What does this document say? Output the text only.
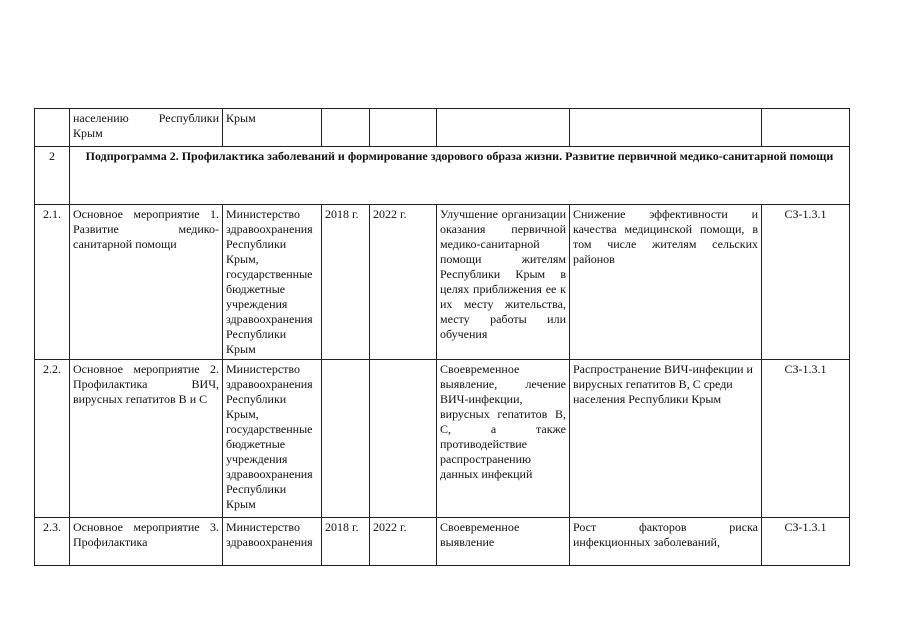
	населению Республики Крым	Крым					
2	Подпрограмма 2. Профилактика заболеваний и формирование здорового образа жизни. Развитие первичной медико-санитарной помощи						
2.1.	Основное мероприятие 1. Развитие медико-санитарной помощи	Министерство здравоохранения Республики Крым, государственные бюджетные учреждения здравоохранения Республики Крым	2018 г.	2022 г.	Улучшение организации оказания первичной медико-санитарной помощи жителям Республики Крым в целях приближения ее к их месту жительства, месту работы или обучения	Снижение эффективности и качества медицинской помощи, в том числе жителям сельских районов	СЗ-1.3.1
2.2.	Основное мероприятие 2. Профилактика ВИЧ, вирусных гепатитов В и С	Министерство здравоохранения Республики Крым, государственные бюджетные учреждения здравоохранения Республики Крым			Своевременное выявление, лечение ВИЧ-инфекции, вирусных гепатитов В, С, а также противодействие распространению данных инфекций	Распространение ВИЧ-инфекции и вирусных гепатитов В, С среди населения Республики Крым	СЗ-1.3.1
2.3.	Основное мероприятие 3. Профилактика	Министерство здравоохранения	2018 г.	2022 г.	Своевременное выявление	Рост факторов риска инфекционных заболеваний,	СЗ-1.3.1
